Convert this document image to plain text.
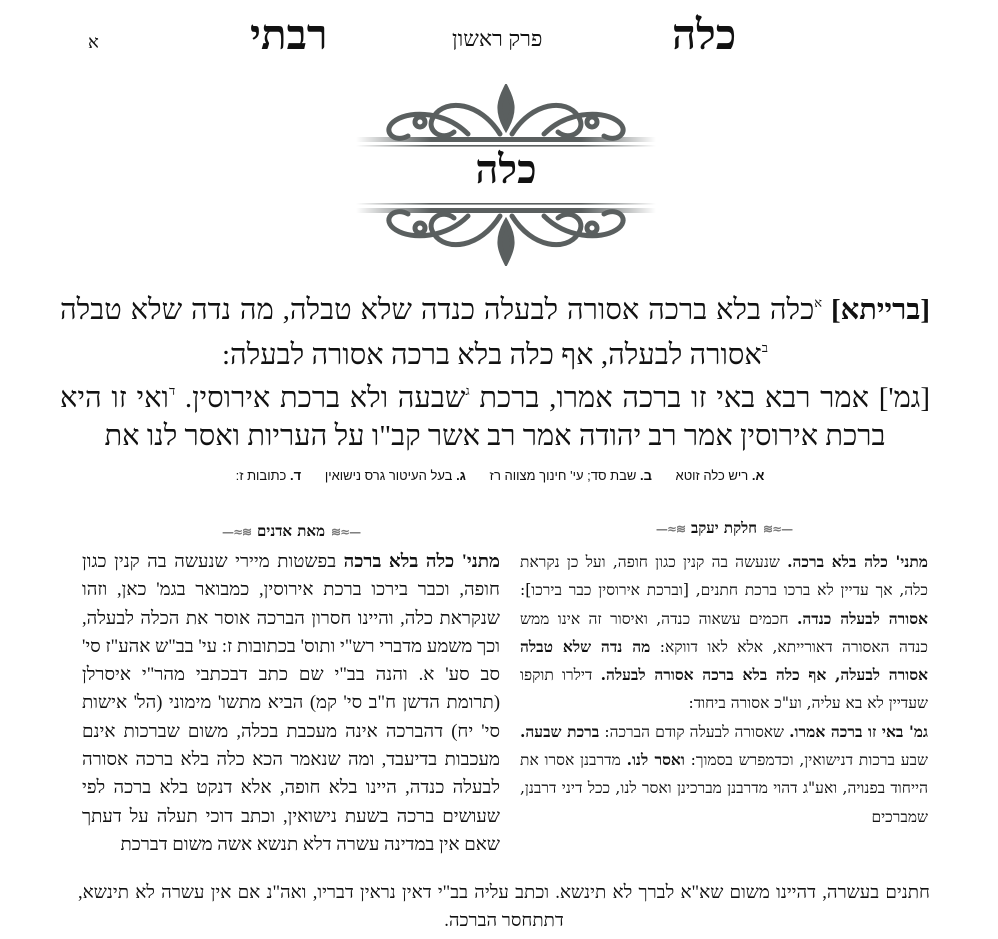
כלה
פרק ראשון
רבתי
א
כלה
[ברייתא] $^א$כלה בלא ברכה אסורה לבעלה כנדה שלא טבלה, מה נדה שלא טבלה $^ב$אסורה לבעלה, אף כלה בלא ברכה אסורה לבעלה:
[גמ'] אמר רבא באי זו ברכה אמרו, ברכת $^ג$שבעה ולא ברכת אירוסין. $^ד$ואי זו היא ברכת אירוסין אמר רב יהודה אמר רב אשר קב"ו על העריות ואסר לנו את
א. ריש כלה זוטא ב. שבת סד; עי' חינוך מצווה רז ג. בעל העיטור גרס נישואין ד. כתובות ז:
—≈≋
חלקת יעקב
≋≈—
—≈≋
מאת אדנים
≋≈—

מתני' כלה בלא ברכה. שנעשה בה קנין כגון חופה, ועל כן נקראת כלה, אך עדיין לא ברכו ברכת חתנים, [וברכת אירוסין כבר בירכו]: אסורה לבעלה כנדה. חכמים עשאוה כנדה, ואיסור זה אינו ממש כנדה האסורה דאורייתא, אלא לאו דווקא: מה נדה שלא טבלה אסורה לבעלה, אף כלה בלא ברכה אסורה לבעלה. דילרו תוקפו שעדיין לא בא עליה, וע"כ אסורה ביחוד:

גמ' באי זו ברכה אמרו. שאסורה לבעלה קודם הברכה: ברכת שבעה. שבע ברכות דנישואין, וכדמפרש בסמוך: ואסר לנו. מדרבנן אסרו את הייחוד בפנויה, ואע"ג דהוי מדרבנן מברכינן ואסר לנו, ככל דיני דרבנן, שמברכים

מתני' כלה בלא ברכה בפשטות מיירי שנעשה בה קנין כגון חופה, וכבר בירכו ברכת אירוסין, כמבואר בגמ' כאן, וזהו שנקראת כלה, והיינו חסרון הברכה אוסר את הכלה לבעלה, וכך משמע מדברי רש"י ותוס' בכתובות ז: עי' בב"ש אהע"ז סי' סב סע' א. והנה בב"י שם כתב דבכתבי מהר"י איסרלן (תרומת הדשן ח"ב סי' קמ) הביא מתשו' מימוני (הל' אישות סי' יח) דהברכה אינה מעכבת בכלה, משום שברכות אינם מעכבות בדיעבד, ומה שנאמר הכא כלה בלא ברכה אסורה לבעלה כנדה, היינו בלא חופה, אלא דנקט בלא ברכה לפי שעושים ברכה בשעת נישואין, וכתב דוכי תעלה על דעתך שאם אין במדינה עשרה דלא תנשא אשה משום דברכת

חתנים בעשרה, דהיינו משום שא"א לברך לא תינשא. וכתב עליה בב"י דאין נראין דבריו, ואה"נ אם אין עשרה לא תינשא, דתתחסר הברכה.
